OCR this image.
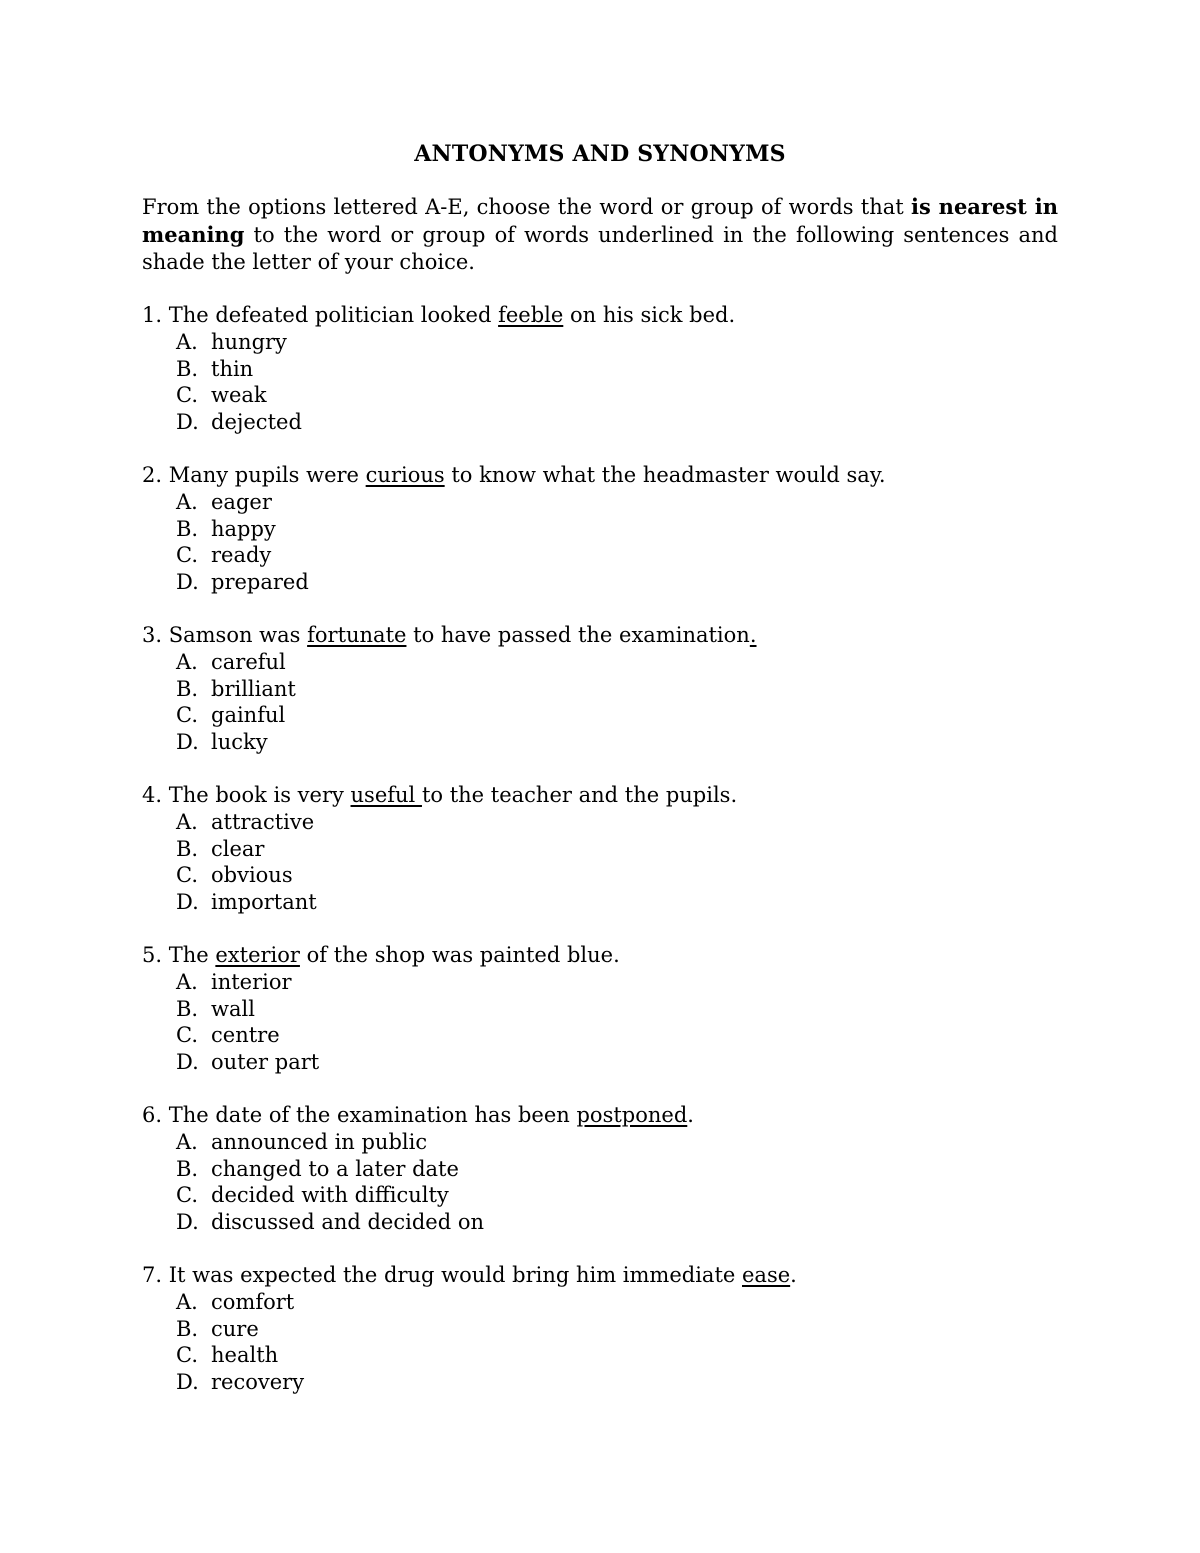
ANTONYMS AND SYNONYMS
From the options lettered A-E, choose the word or group of words that is nearest in meaning to the word or group of words underlined in the following sentences and shade the letter of your choice.
1. The defeated politician looked feeble on his sick bed.
A. hungry
B. thin
C. weak
D. dejected
2. Many pupils were curious to know what the headmaster would say.
A. eager
B. happy
C. ready
D. prepared
3. Samson was fortunate to have passed the examination.
A. careful
B. brilliant
C. gainful
D. lucky
4. The book is very useful to the teacher and the pupils.
A. attractive
B. clear
C. obvious
D. important
5. The exterior of the shop was painted blue.
A. interior
B. wall
C. centre
D. outer part
6. The date of the examination has been postponed.
A. announced in public
B. changed to a later date
C. decided with difficulty
D. discussed and decided on
7. It was expected the drug would bring him immediate ease.
A. comfort
B. cure
C. health
D. recovery
